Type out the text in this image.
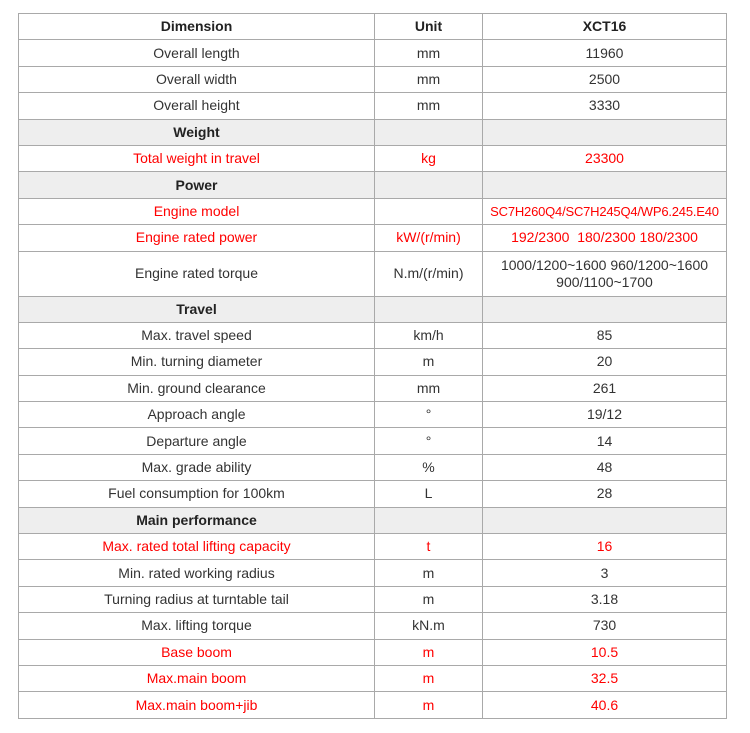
Dimension	Unit	XCT16
Overall length	mm	11960
Overall width	mm	2500
Overall height	mm	3330
Weight		
Total weight in travel	kg	23300
Power		
Engine model		SC7H260Q4/SC7H245Q4/WP6.245.E40
Engine rated power	kW/(r/min)	192/2300  180/2300 180/2300
Engine rated torque	N.m/(r/min)	1000/1200~1600 960/1200~1600 900/1100~1700
Travel		
Max. travel speed	km/h	85
Min. turning diameter	m	20
Min. ground clearance	mm	261
Approach angle	°	19/12
Departure angle	°	14
Max. grade ability	%	48
Fuel consumption for 100km	L	28
Main performance		
Max. rated total lifting capacity	t	16
Min. rated working radius	m	3
Turning radius at turntable tail	m	3.18
Max. lifting torque	kN.m	730
Base boom	m	10.5
Max.main boom	m	32.5
Max.main boom+jib	m	40.6
